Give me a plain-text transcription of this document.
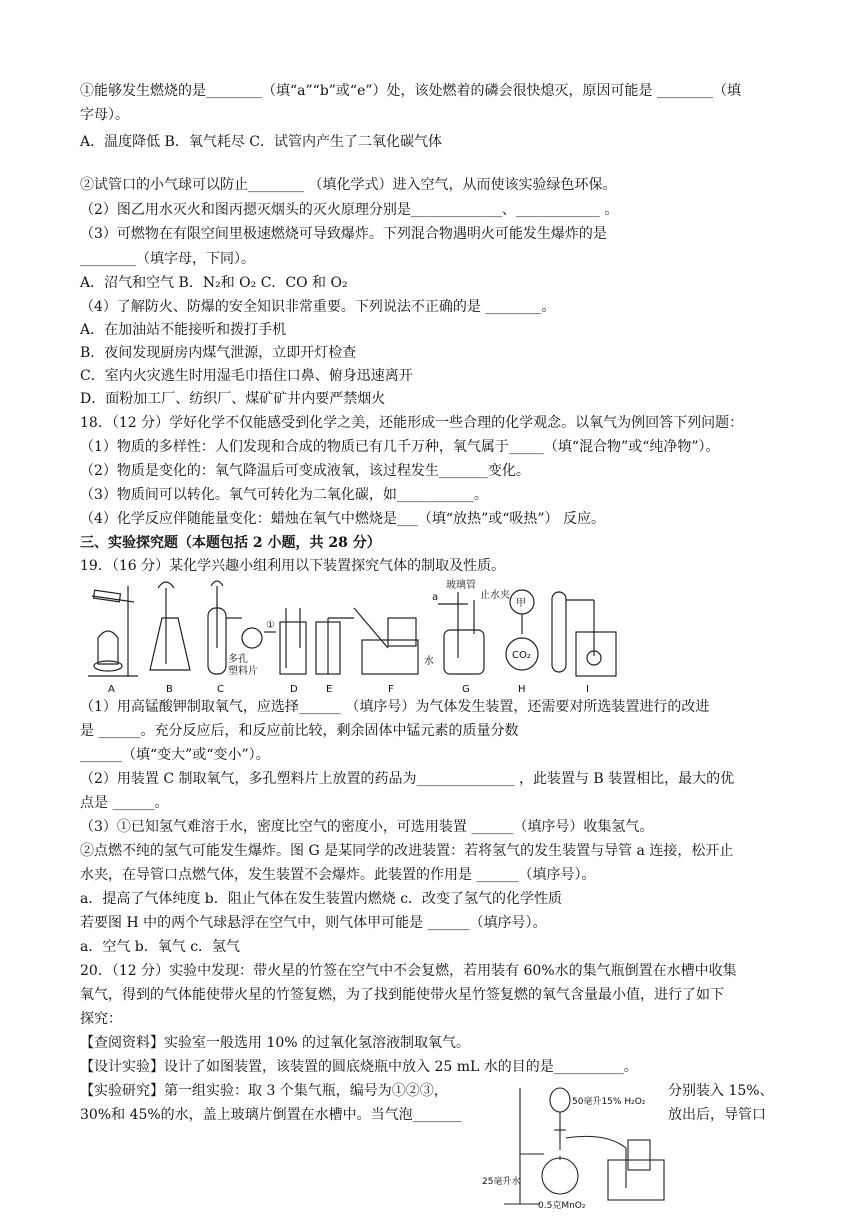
①能够发生燃烧的是________（填“a”“b”或“e”）处，该处燃着的磷会很快熄灭，原因可能是 ________（填
字母）。
A．温度降低 B．氧气耗尽 C．试管内产生了二氧化碳气体
②试管口的小气球可以防止________ （填化学式）进入空气，从而使该实验绿色环保。
（2）图乙用水灭火和图丙摁灭烟头的灭火原理分别是_____________、____________ 。
（3）可燃物在有限空间里极速燃烧可导致爆炸。下列混合物遇明火可能发生爆炸的是
________（填字母，下同）。
A．沼气和空气 B．N₂和 O₂ C．CO 和 O₂
（4）了解防火、防爆的安全知识非常重要。下列说法不正确的是 ________。
A．在加油站不能接听和拨打手机
B．夜间发现厨房内煤气泄源，立即开灯检查
C．室内火灾逃生时用湿毛巾捂住口鼻、俯身迅速离开
D．面粉加工厂、纺织厂、煤矿矿井内要严禁烟火
18．（12 分）学好化学不仅能感受到化学之美，还能形成一些合理的化学观念。以氧气为例回答下列问题：
（1）物质的多样性：人们发现和合成的物质已有几千万种，氧气属于_____（填“混合物”或“纯净物”）。
（2）物质是变化的：氧气降温后可变成液氧，该过程发生_______变化。
（3）物质间可以转化。氧气可转化为二氧化碳，如___________。
（4）化学反应伴随能量变化：蜡烛在氧气中燃烧是___（填“放热”或“吸热”） 反应。
三、实验探究题（本题包括 2 小题，共 28 分）
19．（16 分）某化学兴趣小组利用以下装置探究气体的制取及性质。
A	B	C	D	E	F	G	H	I
多孔
塑料片
玻璃管
止水夹
a
水
甲
CO₂
①
（1）用高锰酸钾制取氧气，应选择______ （填序号）为气体发生装置，还需要对所选装置进行的改进
是 ______。充分反应后，和反应前比较，剩余固体中锰元素的质量分数
______（填“变大”或“变小”）。
（2）用装置 C 制取氧气，多孔塑料片上放置的药品为______________ ，此装置与 B 装置相比，最大的优
点是 ______。
（3）①已知氢气难溶于水，密度比空气的密度小，可选用装置 ______（填序号）收集氢气。
②点燃不纯的氢气可能发生爆炸。图 G 是某同学的改进装置：若将氢气的发生装置与导管 a 连接，松开止
水夹，在导管口点燃气体，发生装置不会爆炸。此装置的作用是 ______（填序号）。
a．提高了气体纯度 b．阻止气体在发生装置内燃烧 c．改变了氢气的化学性质
若要图 H 中的两个气球悬浮在空气中，则气体甲可能是 ______（填序号）。
a．空气 b．氧气 c．氢气
20．（12 分）实验中发现：带火星的竹签在空气中不会复燃，若用装有 60%水的集气瓶倒置在水槽中收集
氧气，得到的气体能使带火星的竹签复燃，为了找到能使带火星竹签复燃的氧气含量最小值，进行了如下
探究：
【查阅资料】实验室一般选用 10% 的过氧化氢溶液制取氧气。
【设计实验】设计了如图装置，该装置的圆底烧瓶中放入 25 mL 水的目的是__________。
【实验研究】第一组实验：取 3 个集气瓶，编号为①②③，
30%和 45%的水，盖上玻璃片倒置在水槽中。当气泡_______
分别装入 15%、
放出后，导管口
50毫升15% H₂O₂
25毫升水
0.5克MnO₂
